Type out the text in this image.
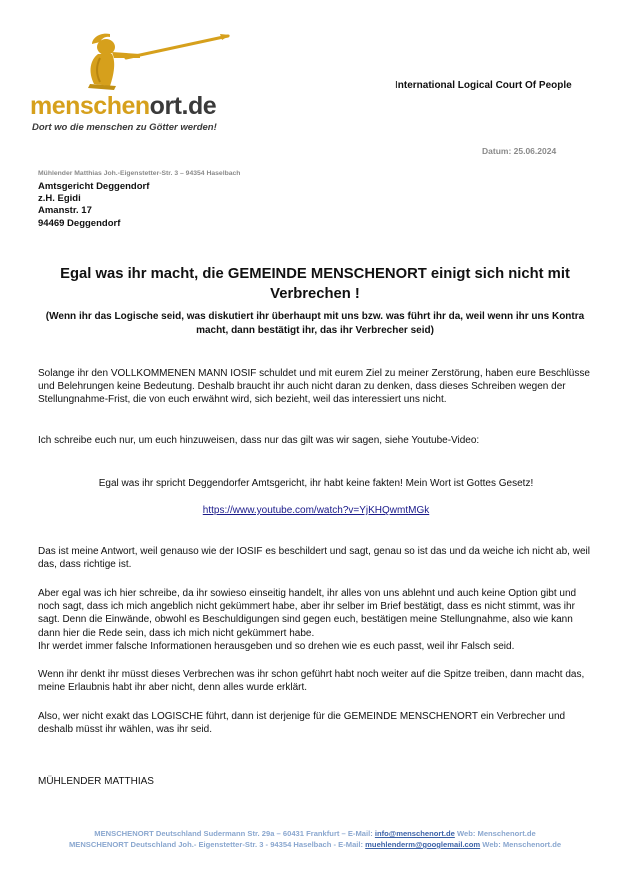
menschenort.de
Dort wo die menschen zu Götter werden!
International Logical Court Of People
Datum: 25.06.2024
Mühlender Matthias Joh.-Eigenstetter-Str. 3 – 94354 Haselbach
Amtsgericht Deggendorf
z.H. Egidi
Amanstr. 17
94469 Deggendorf
Egal was ihr macht, die GEMEINDE MENSCHENORT einigt sich nicht mit Verbrechen !
(Wenn ihr das Logische seid, was diskutiert ihr überhaupt mit uns bzw. was führt ihr da, weil wenn ihr uns Kontra macht, dann bestätigt ihr, das ihr Verbrecher seid)
Solange ihr den VOLLKOMMENEN MANN IOSIF schuldet und mit eurem Ziel zu meiner Zerstörung, haben eure Beschlüsse und Belehrungen keine Bedeutung. Deshalb braucht ihr auch nicht daran zu denken, dass dieses Schreiben wegen der Stellungnahme-Frist, die von euch erwähnt wird, sich bezieht, weil das interessiert uns nicht.
Ich schreibe euch nur, um euch hinzuweisen, dass nur das gilt was wir sagen, siehe Youtube-Video:
Egal was ihr spricht Deggendorfer Amtsgericht, ihr habt keine fakten! Mein Wort ist Gottes Gesetz!
https://www.youtube.com/watch?v=YjKHQwmtMGk
Das ist meine Antwort, weil genauso wie der IOSIF es beschildert und sagt, genau so ist das und da weiche ich nicht ab, weil das, dass richtige ist.
Aber egal was ich hier schreibe, da ihr sowieso einseitig handelt, ihr alles von uns ablehnt und auch keine Option gibt und noch sagt, dass ich mich angeblich nicht gekümmert habe, aber ihr selber im Brief bestätigt, dass es nicht stimmt, was ihr sagt. Denn die Einwände, obwohl es Beschuldigungen sind gegen euch, bestätigen meine Stellungnahme, also wie kann dann hier die Rede sein, dass ich mich nicht gekümmert habe.
Ihr werdet immer falsche Informationen herausgeben und so drehen wie es euch passt, weil ihr Falsch seid.
Wenn ihr denkt ihr müsst dieses Verbrechen was ihr schon geführt habt noch weiter auf die Spitze treiben, dann macht das, meine Erlaubnis habt ihr aber nicht, denn alles wurde erklärt.
Also, wer nicht exakt das LOGISCHE führt, dann ist derjenige für die GEMEINDE MENSCHENORT ein Verbrecher und deshalb müsst ihr wählen, was ihr seid.
MÜHLENDER MATTHIAS
MENSCHENORT Deutschland Sudermann Str. 29a – 60431 Frankfurt – E-Mail: info@menschenort.de Web: Menschenort.de
MENSCHENORT Deutschland Joh.- Eigenstetter-Str. 3 - 94354 Haselbach - E-Mail: muehlenderm@googlemail.com Web: Menschenort.de
